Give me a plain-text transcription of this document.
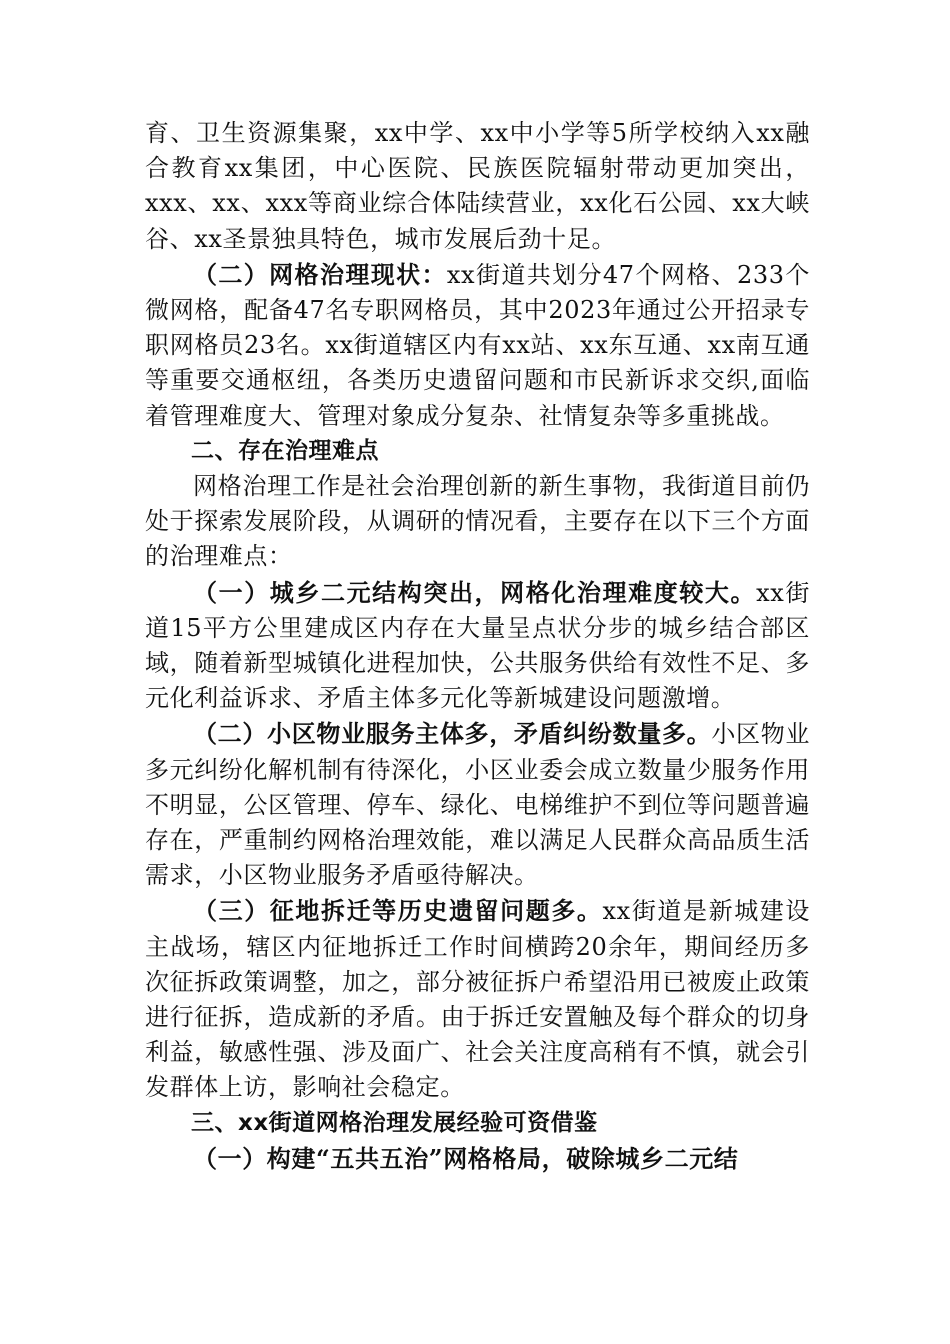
育、卫生资源集聚，xx中学、xx中小学等5所学校纳入xx融合教育xx集团，中心医院、民族医院辐射带动更加突出，xxx、xx、xxx等商业综合体陆续营业，xx化石公园、xx大峡谷、xx圣景独具特色，城市发展后劲十足。

（二）网格治理现状：xx街道共划分47个网格、233个微网格，配备47名专职网格员，其中2023年通过公开招录专职网格员23名。xx街道辖区内有xx站、xx东互通、xx南互通等重要交通枢纽，各类历史遗留问题和市民新诉求交织,面临着管理难度大、管理对象成分复杂、社情复杂等多重挑战。

二、存在治理难点

网格治理工作是社会治理创新的新生事物，我街道目前仍处于探索发展阶段，从调研的情况看，主要存在以下三个方面的治理难点：

（一）城乡二元结构突出，网格化治理难度较大。xx街道15平方公里建成区内存在大量呈点状分步的城乡结合部区域，随着新型城镇化进程加快，公共服务供给有效性不足、多元化利益诉求、矛盾主体多元化等新城建设问题激增。

（二）小区物业服务主体多，矛盾纠纷数量多。小区物业多元纠纷化解机制有待深化，小区业委会成立数量少服务作用不明显，公区管理、停车、绿化、电梯维护不到位等问题普遍存在，严重制约网格治理效能，难以满足人民群众高品质生活需求，小区物业服务矛盾亟待解决。

（三）征地拆迁等历史遗留问题多。xx街道是新城建设主战场，辖区内征地拆迁工作时间横跨20余年，期间经历多次征拆政策调整，加之，部分被征拆户希望沿用已被废止政策进行征拆，造成新的矛盾。由于拆迁安置触及每个群众的切身利益，敏感性强、涉及面广、社会关注度高稍有不慎，就会引发群体上访，影响社会稳定。

三、xx街道网格治理发展经验可资借鉴

（一）构建“五共五治”网格格局，破除城乡二元结
